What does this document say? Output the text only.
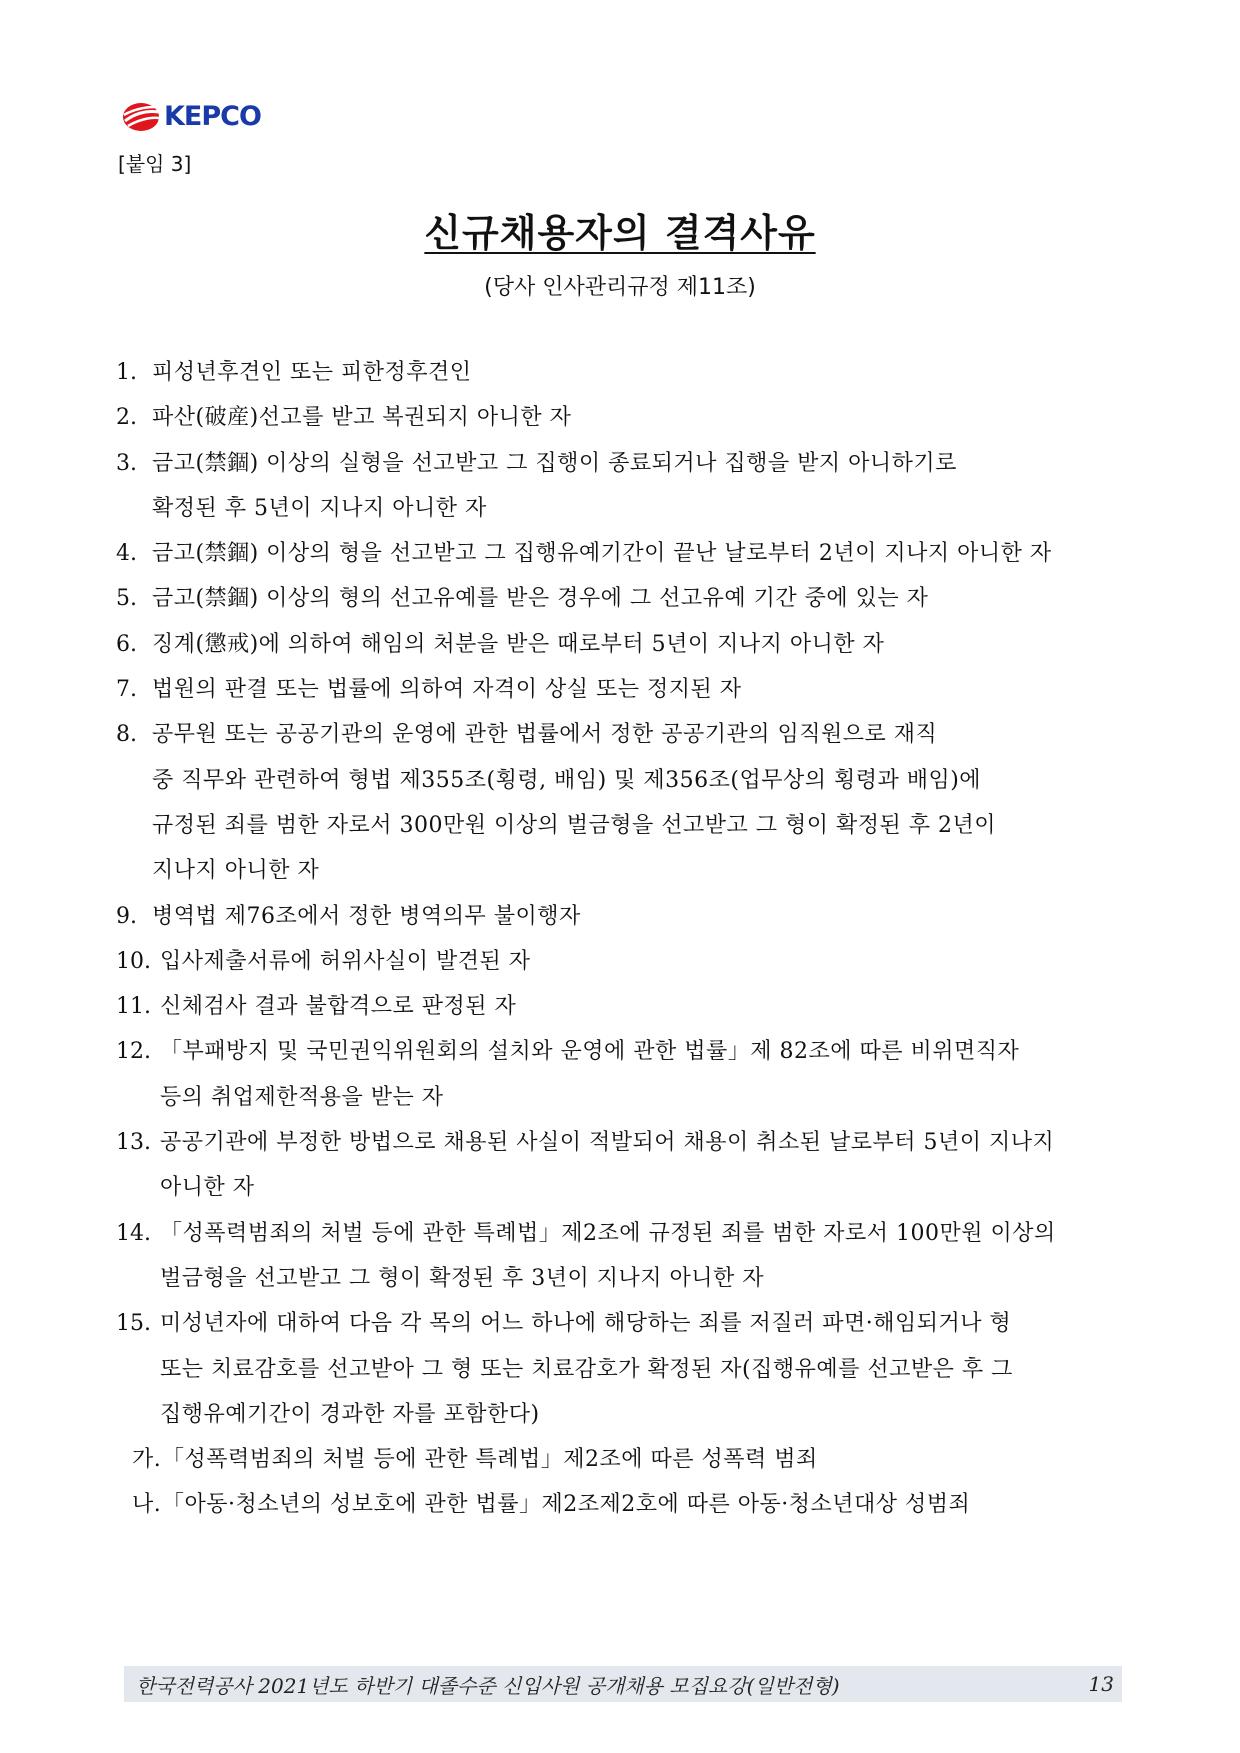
KEPCO
[붙임 3]
신규채용자의 결격사유
(당사 인사관리규정 제11조)
1. 피성년후견인 또는 피한정후견인
2. 파산(破産)선고를 받고 복권되지 아니한 자
3. 금고(禁錮) 이상의 실형을 선고받고 그 집행이 종료되거나 집행을 받지 아니하기로
확정된 후 5년이 지나지 아니한 자
4. 금고(禁錮) 이상의 형을 선고받고 그 집행유예기간이 끝난 날로부터 2년이 지나지 아니한 자
5. 금고(禁錮) 이상의 형의 선고유예를 받은 경우에 그 선고유예 기간 중에 있는 자
6. 징계(懲戒)에 의하여 해임의 처분을 받은 때로부터 5년이 지나지 아니한 자
7. 법원의 판결 또는 법률에 의하여 자격이 상실 또는 정지된 자
8. 공무원 또는 공공기관의 운영에 관한 법률에서 정한 공공기관의 임직원으로 재직
중 직무와 관련하여 형법 제355조(횡령, 배임) 및 제356조(업무상의 횡령과 배임)에
규정된 죄를 범한 자로서 300만원 이상의 벌금형을 선고받고 그 형이 확정된 후 2년이
지나지 아니한 자
9. 병역법 제76조에서 정한 병역의무 불이행자
10. 입사제출서류에 허위사실이 발견된 자
11. 신체검사 결과 불합격으로 판정된 자
12. 「부패방지 및 국민권익위원회의 설치와 운영에 관한 법률」제 82조에 따른 비위면직자
등의 취업제한적용을 받는 자
13. 공공기관에 부정한 방법으로 채용된 사실이 적발되어 채용이 취소된 날로부터 5년이 지나지
아니한 자
14. 「성폭력범죄의 처벌 등에 관한 특례법」제2조에 규정된 죄를 범한 자로서 100만원 이상의
벌금형을 선고받고 그 형이 확정된 후 3년이 지나지 아니한 자
15. 미성년자에 대하여 다음 각 목의 어느 하나에 해당하는 죄를 저질러 파면·해임되거나 형
또는 치료감호를 선고받아 그 형 또는 치료감호가 확정된 자(집행유예를 선고받은 후 그
집행유예기간이 경과한 자를 포함한다)
가. 「성폭력범죄의 처벌 등에 관한 특례법」제2조에 따른 성폭력 범죄
나. 「아동·청소년의 성보호에 관한 법률」제2조제2호에 따른 아동·청소년대상 성범죄
한국전력공사 2021년도 하반기 대졸수준 신입사원 공개채용 모집요강(일반전형)	13
